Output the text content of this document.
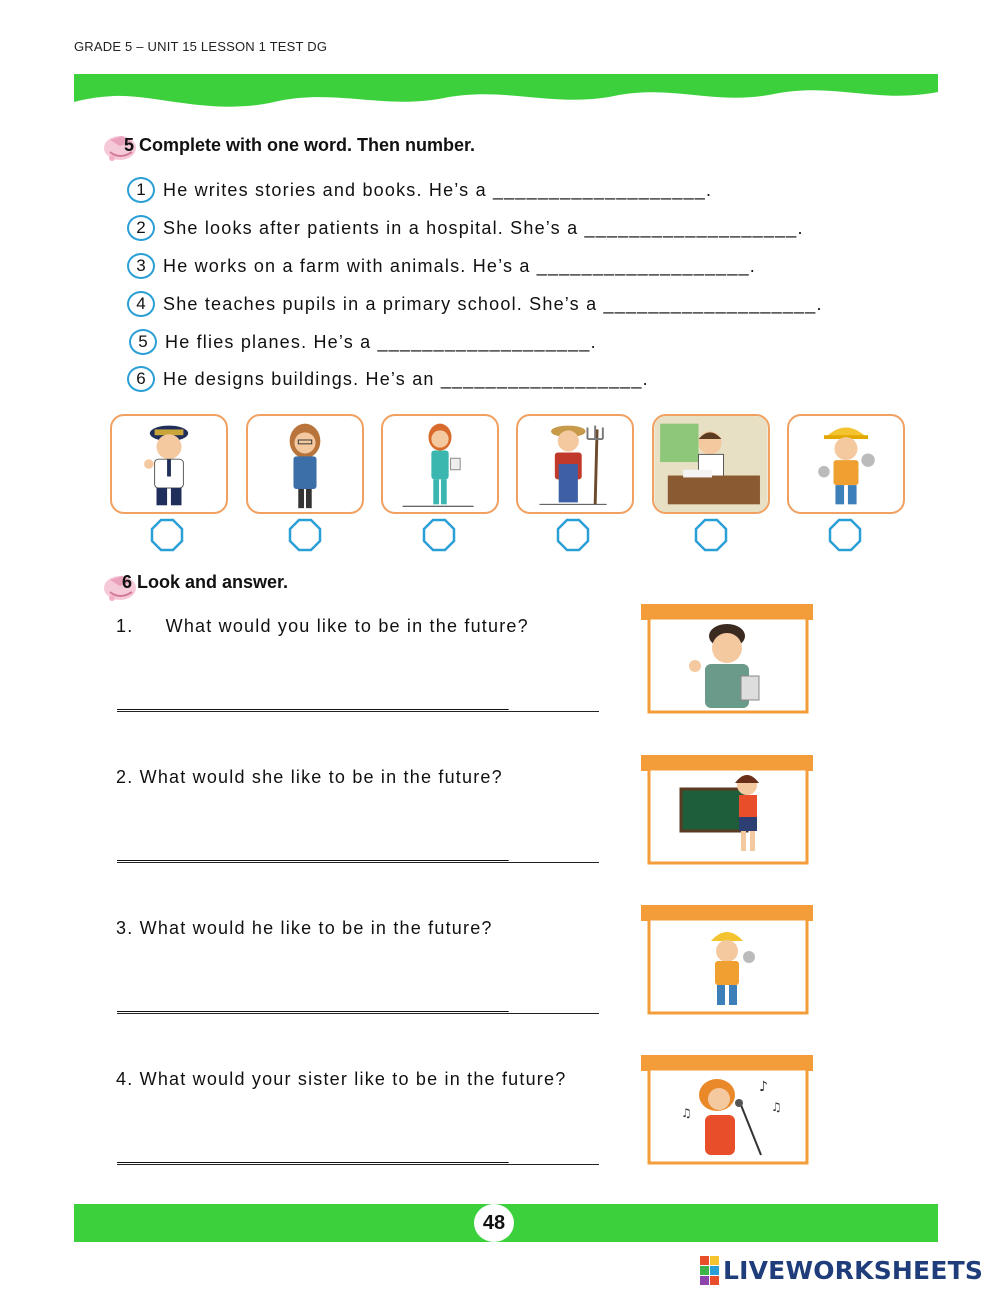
GRADE 5 – UNIT 15 LESSON 1 TEST DG
5 Complete with one word. Then number.
1 He writes stories and books. He’s a ___________________.
2 She looks after patients in a hospital. She’s a ___________________.
3 He works on a farm with animals. He’s a ___________________.
4 She teaches pupils in a primary school. She’s a ___________________.
5 He flies planes. He’s a ___________________.
6 He designs buildings. He’s an __________________.
6 Look and answer.
1. What would you like to be in the future?
____________________________________________
2. What would she like to be in the future?
____________________________________________
3. What would he like to be in the future?
____________________________________________
4. What would your sister like to be in the future?
____________________________________________
♪
♫	♫
48
LIVEWORKSHEETS
